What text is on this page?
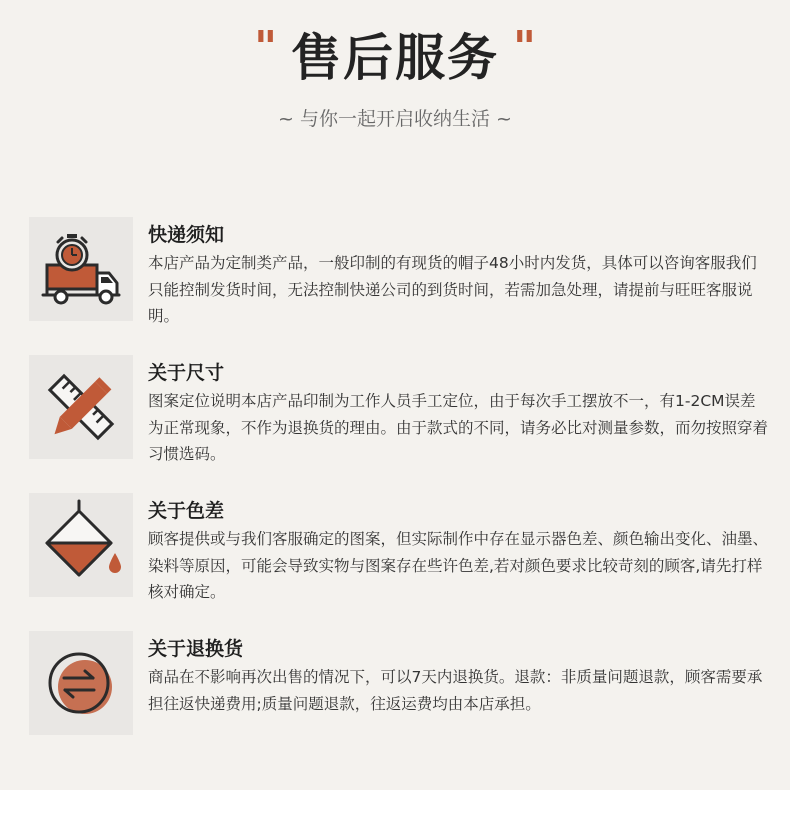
" 售后服务 "
~ 与你一起开启收纳生活 ~
快递须知
本店产品为定制类产品，一般印制的有现货的帽子48小时内发货，具体可以咨询客服我们只能控制发货时间，无法控制快递公司的到货时间，若需加急处理，请提前与旺旺客服说明。
关于尺寸
图案定位说明本店产品印制为工作人员手工定位，由于每次手工摆放不一，有1-2CM误差为正常现象，不作为退换货的理由。由于款式的不同，请务必比对测量参数，而勿按照穿着习惯选码。
关于色差
顾客提供或与我们客服确定的图案，但实际制作中存在显示器色差、颜色输出变化、油墨、染料等原因，可能会导致实物与图案存在些许色差,若对颜色要求比较苛刻的顾客,请先打样核对确定。
关于退换货
商品在不影响再次出售的情况下，可以7天内退换货。退款：非质量问题退款，顾客需要承担往返快递费用;质量问题退款，往返运费均由本店承担。
